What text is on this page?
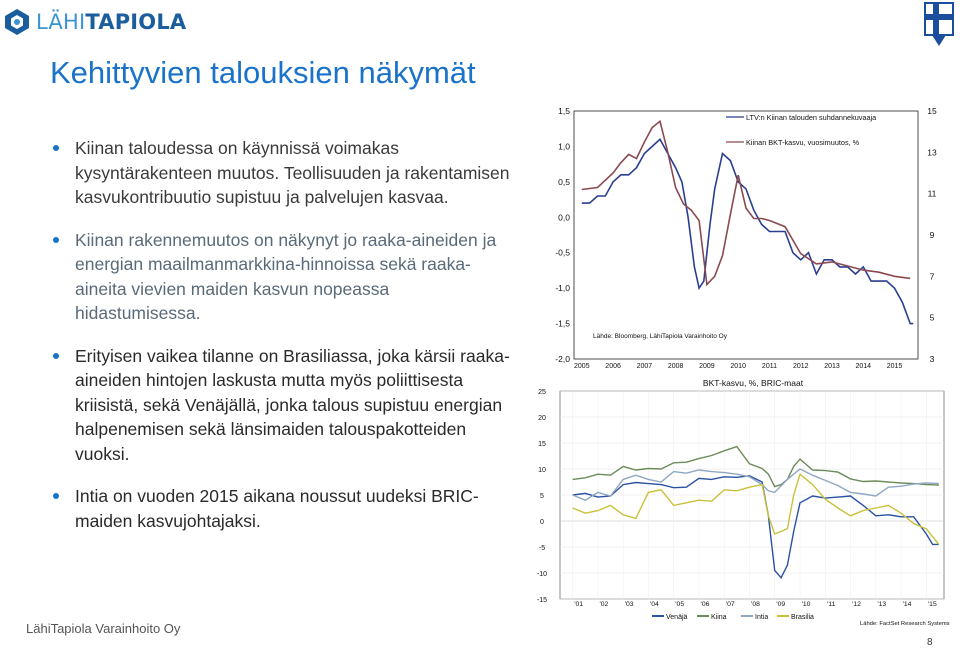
LÄHITAPIOLA
Kehittyvien talouksien näkymät
Kiinan taloudessa on käynnissä voimakas kysyntärakenteen muutos. Teollisuuden ja rakentamisen kasvukontribuutio supistuu ja palvelujen kasvaa.
Kiinan rakennemuutos on näkynyt jo raaka-aineiden ja energian maailmanmarkkina-hinnoissa sekä raaka-aineita vievien maiden kasvun nopeassa hidastumisessa.
Erityisen vaikea tilanne on Brasiliassa, joka kärsii raaka-aineiden hintojen laskusta mutta myös poliittisesta kriisistä, sekä Venäjällä, jonka talous supistuu energian halpenemisen sekä länsimaiden talouspakotteiden vuoksi.
Intia on vuoden 2015 aikana noussut uudeksi BRIC-maiden kasvujohtajaksi.
1,5
1,0
0,5
0,0
-0,5
-1,0
-1,5
-2,0
15
13
11
9
7
5
3
2005 2006 2007 2008 2009 2010 2011 2012 2013 2014 2015
LTV:n Kiinan talouden suhdannekuvaaja
Kiinan BKT-kasvu, vuosimuutos, %
Lähde: Bloomberg, LähiTapiola Varainhoito Oy
BKT-kasvu, %, BRIC-maat
25
20
15
10
5
0
-5
-10
-15
'01 '02 '03 '04 '05 '06 '07 '08 '09 '10 '11 '12 '13 '14 '15
Venäjä	Kiina	Intia	Brasilia
Lähde: FactSet Research Systems
LähiTapiola Varainhoito Oy
8
